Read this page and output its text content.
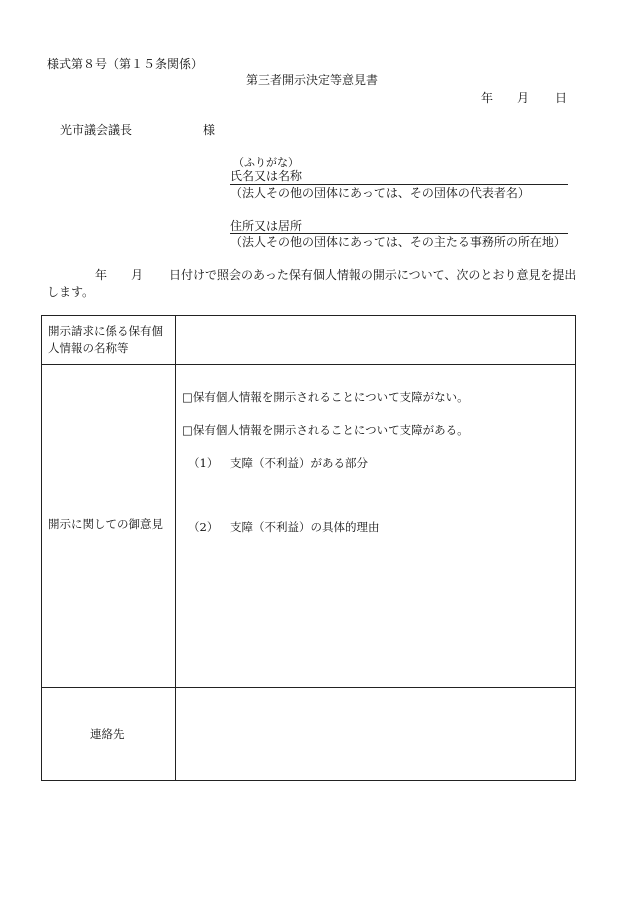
様式第８号（第１５条関係）
第三者開示決定等意見書
年 月 日
光市議会議長	様
（ふりがな）
氏名又は名称
（法人その他の団体にあっては、その団体の代表者名）
住所又は居所
（法人その他の団体にあっては、その主たる事務所の所在地）
年 月 日付けで照会のあった保有個人情報の開示について、次のとおり意見を提出
します。
開示請求に係る保有個
人情報の名称等
開示に関しての御意見
□保有個人情報を開示されることについて支障がない。
□保有個人情報を開示されることについて支障がある。
（1） 支障（不利益）がある部分
（2） 支障（不利益）の具体的理由
連絡先
